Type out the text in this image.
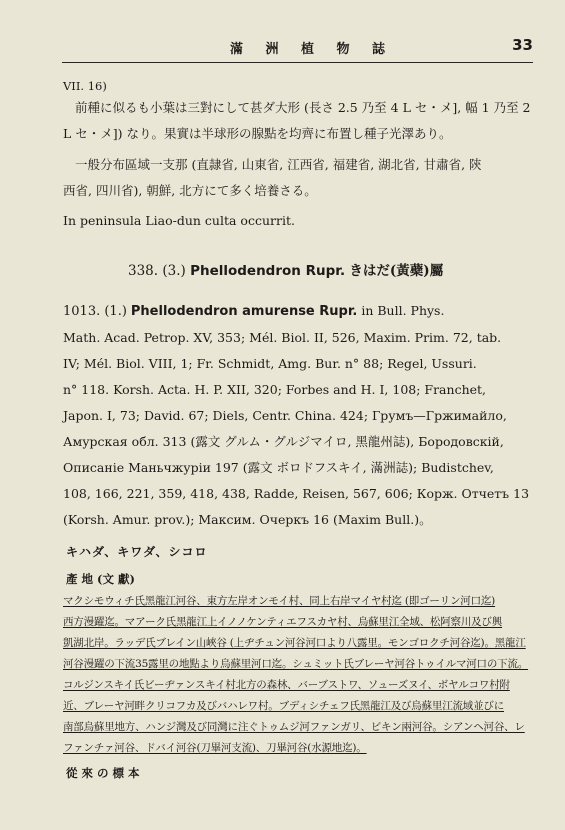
滿 洲 植 物 誌	33
VII. 16)
前種に似るも小葉は三對にして甚ダ大形 (長さ 2.5 乃至 4 L セ・メ], 幅 1 乃至 2
L セ・メ]) なり。果實は半球形の腺點を均齊に布置し種子光澤あり。
一般分布區域一支那 (直隷省, 山東省, 江西省, 福建省, 湖北省, 甘肅省, 陝
西省, 四川省), 朝鮮, 北方にて多く培養さる。
In peninsula Liao-dun culta occurrit.
338. (3.) Phellodendron Rupr. きはだ(黃蘗)屬
1013. (1.) Phellodendron amurense Rupr. in Bull. Phys.
Math. Acad. Petrop. XV, 353; Mél. Biol. II, 526, Maxim. Prim. 72, tab.
IV; Mél. Biol. VIII, 1; Fr. Schmidt, Amg. Bur. n° 88; Regel, Ussuri.
n° 118. Korsh. Acta. H. P. XII, 320; Forbes and H. I, 108; Franchet,
Japon. I, 73; David. 67; Diels, Centr. China. 424; Грумъ—Гржимайло,
Амурская обл. 313 (露文 グルム・グルジマイロ, 黑龍州誌), Бородовскiй,
Описанiе Маньчжурiи 197 (露文 ボロドフスキイ, 滿洲誌); Budistchev,
108, 166, 221, 359, 418, 438, Radde, Reisen, 567, 606; Корж. Отчетъ 13
(Korsh. Amur. prov.); Максим. Очеркъ 16 (Maxim Bull.)。
キハダ、キワダ、シコロ
產 地 (文 獻)
マクシモウィチ氏黑龍江河谷、東方左岸オンモイ村、同上右岸マイヤ村迄 (即ゴーリン河口迄)
西方漫躍迄。マアーク氏黑龍江上イノノケンティエフスカヤ村、烏蘇里江全域、松阿察川及び興
凱湖北岸。ラッデ氏ブレイン山峽谷 (上ヂチュン河谷河口より八露里。モンゴロクチ河谷迄)。黑龍江
河谷漫躍の下流35露里の地點より烏蘇里河口迄。シュミット氏ブレーヤ河谷トゥイルマ河口の下流。
コルジンスキイ氏ビーヂァンスキイ村北方の森林、バーブストワ、ソューズヌイ、ボヤルコワ村附
近、ブレーヤ河畔クリコフカ及びバハレワ村。ブディシチェフ氏黑龍江及び烏蘇里江流域並びに
南部烏蘇里地方、ハンジ灣及び同灣に注ぐトゥムジ河ファンガリ、ビキン兩河谷。シアンヘ河谷、レ
ファンチァ河谷、ドバイ河谷(刀畢河支流)、刀畢河谷(水源地迄)。
從 來 の 標 本
